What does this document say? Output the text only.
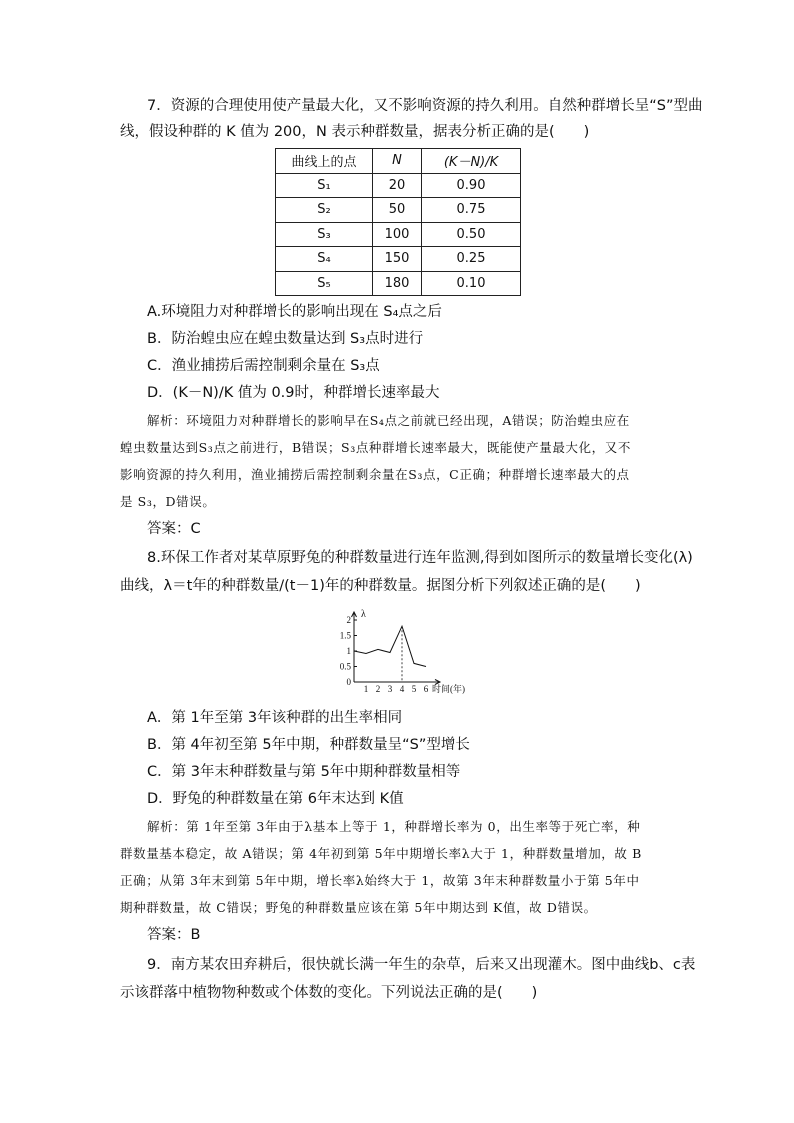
7．资源的合理使用使产量最大化，又不影响资源的持久利用。自然种群增长呈“S”型曲
线，假设种群的 K 值为 200，N 表示种群数量，据表分析正确的是(　　)
曲线上的点	N	(K－N)/K
S₁	20	0.90
S₂	50	0.75
S₃	100	0.50
S₄	150	0.25
S₅	180	0.10
A.环境阻力对种群增长的影响出现在 S₄点之后
B．防治蝗虫应在蝗虫数量达到 S₃点时进行
C．渔业捕捞后需控制剩余量在 S₃点
D．(K－N)/K 值为 0.9时，种群增长速率最大
解析：环境阻力对种群增长的影响早在S₄点之前就已经出现，A错误；防治蝗虫应在
蝗虫数量达到S₃点之前进行，B错误；S₃点种群增长速率最大，既能使产量最大化，又不
影响资源的持久利用，渔业捕捞后需控制剩余量在S₃点，C正确；种群增长速率最大的点
是 S₃，D错误。
答案：C
8.环保工作者对某草原野兔的种群数量进行连年监测,得到如图所示的数量增长变化(λ)
曲线，λ＝t年的种群数量/(t－1)年的种群数量。据图分析下列叙述正确的是(　　)
λ
0
0.5
1
1.5
2
1 2 3 4 5 6 时间(年)
A．第 1年至第 3年该种群的出生率相同
B．第 4年初至第 5年中期，种群数量呈“S”型增长
C．第 3年末种群数量与第 5年中期种群数量相等
D．野兔的种群数量在第 6年末达到 K值
解析：第 1年至第 3年由于λ基本上等于 1，种群增长率为 0，出生率等于死亡率，种
群数量基本稳定，故 A错误；第 4年初到第 5年中期增长率λ大于 1，种群数量增加，故 B
正确；从第 3年末到第 5年中期，增长率λ始终大于 1，故第 3年末种群数量小于第 5年中
期种群数量，故 C错误；野兔的种群数量应该在第 5年中期达到 K值，故 D错误。
答案：B
9．南方某农田弃耕后，很快就长满一年生的杂草，后来又出现灌木。图中曲线b、c表
示该群落中植物物种数或个体数的变化。下列说法正确的是(　　)
